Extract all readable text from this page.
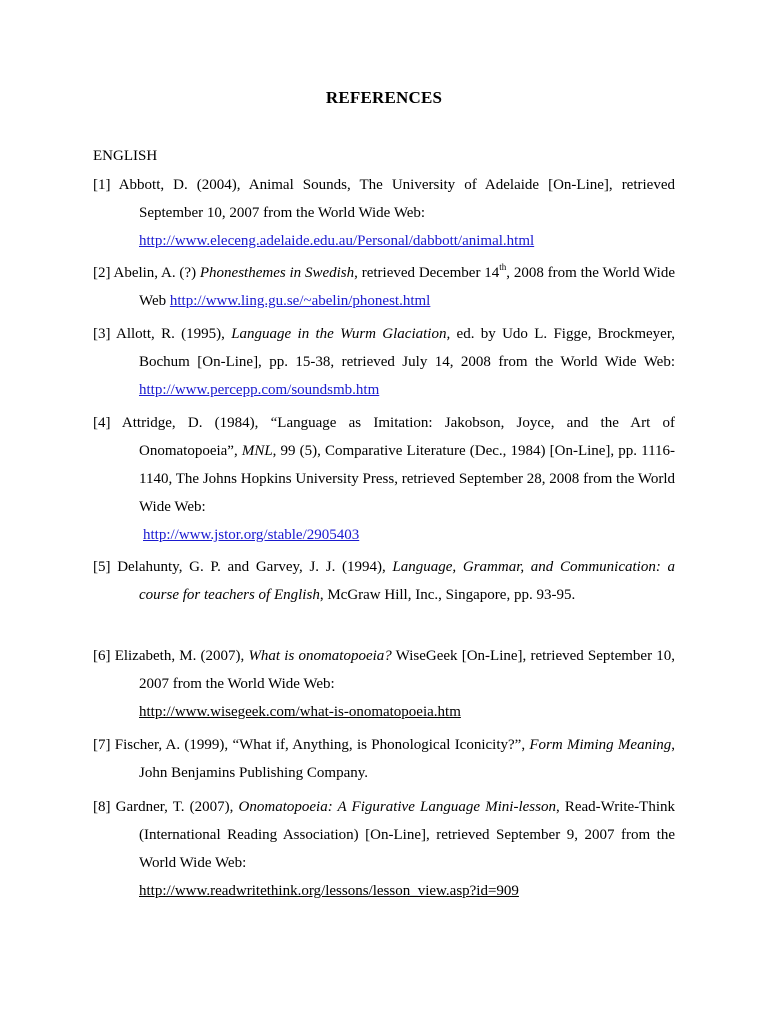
REFERENCES
ENGLISH
[1] Abbott, D. (2004), Animal Sounds, The University of Adelaide [On-Line], retrieved September 10, 2007 from the World Wide Web:
http://www.eleceng.adelaide.edu.au/Personal/dabbott/animal.html
[2] Abelin, A. (?) Phonesthemes in Swedish, retrieved December 14th, 2008 from the World Wide Web http://www.ling.gu.se/~abelin/phonest.html
[3] Allott, R. (1995), Language in the Wurm Glaciation, ed. by Udo L. Figge, Brockmeyer, Bochum [On-Line], pp. 15-38, retrieved July 14, 2008 from the World Wide Web: http://www.percepp.com/soundsmb.htm
[4] Attridge, D. (1984), “Language as Imitation: Jakobson, Joyce, and the Art of Onomatopoeia”, MNL, 99 (5), Comparative Literature (Dec., 1984) [On-Line], pp. 1116-1140, The Johns Hopkins University Press, retrieved September 28, 2008 from the World Wide Web:
http://www.jstor.org/stable/2905403
[5] Delahunty, G. P. and Garvey, J. J. (1994), Language, Grammar, and Communication: a course for teachers of English, McGraw Hill, Inc., Singapore, pp. 93-95.
[6] Elizabeth, M. (2007), What is onomatopoeia? WiseGeek [On-Line], retrieved September 10, 2007 from the World Wide Web:
http://www.wisegeek.com/what-is-onomatopoeia.htm
[7] Fischer, A. (1999), “What if, Anything, is Phonological Iconicity?”, Form Miming Meaning, John Benjamins Publishing Company.
[8] Gardner, T. (2007), Onomatopoeia: A Figurative Language Mini-lesson, Read-Write-Think (International Reading Association) [On-Line], retrieved September 9, 2007 from the World Wide Web:
http://www.readwritethink.org/lessons/lesson_view.asp?id=909
